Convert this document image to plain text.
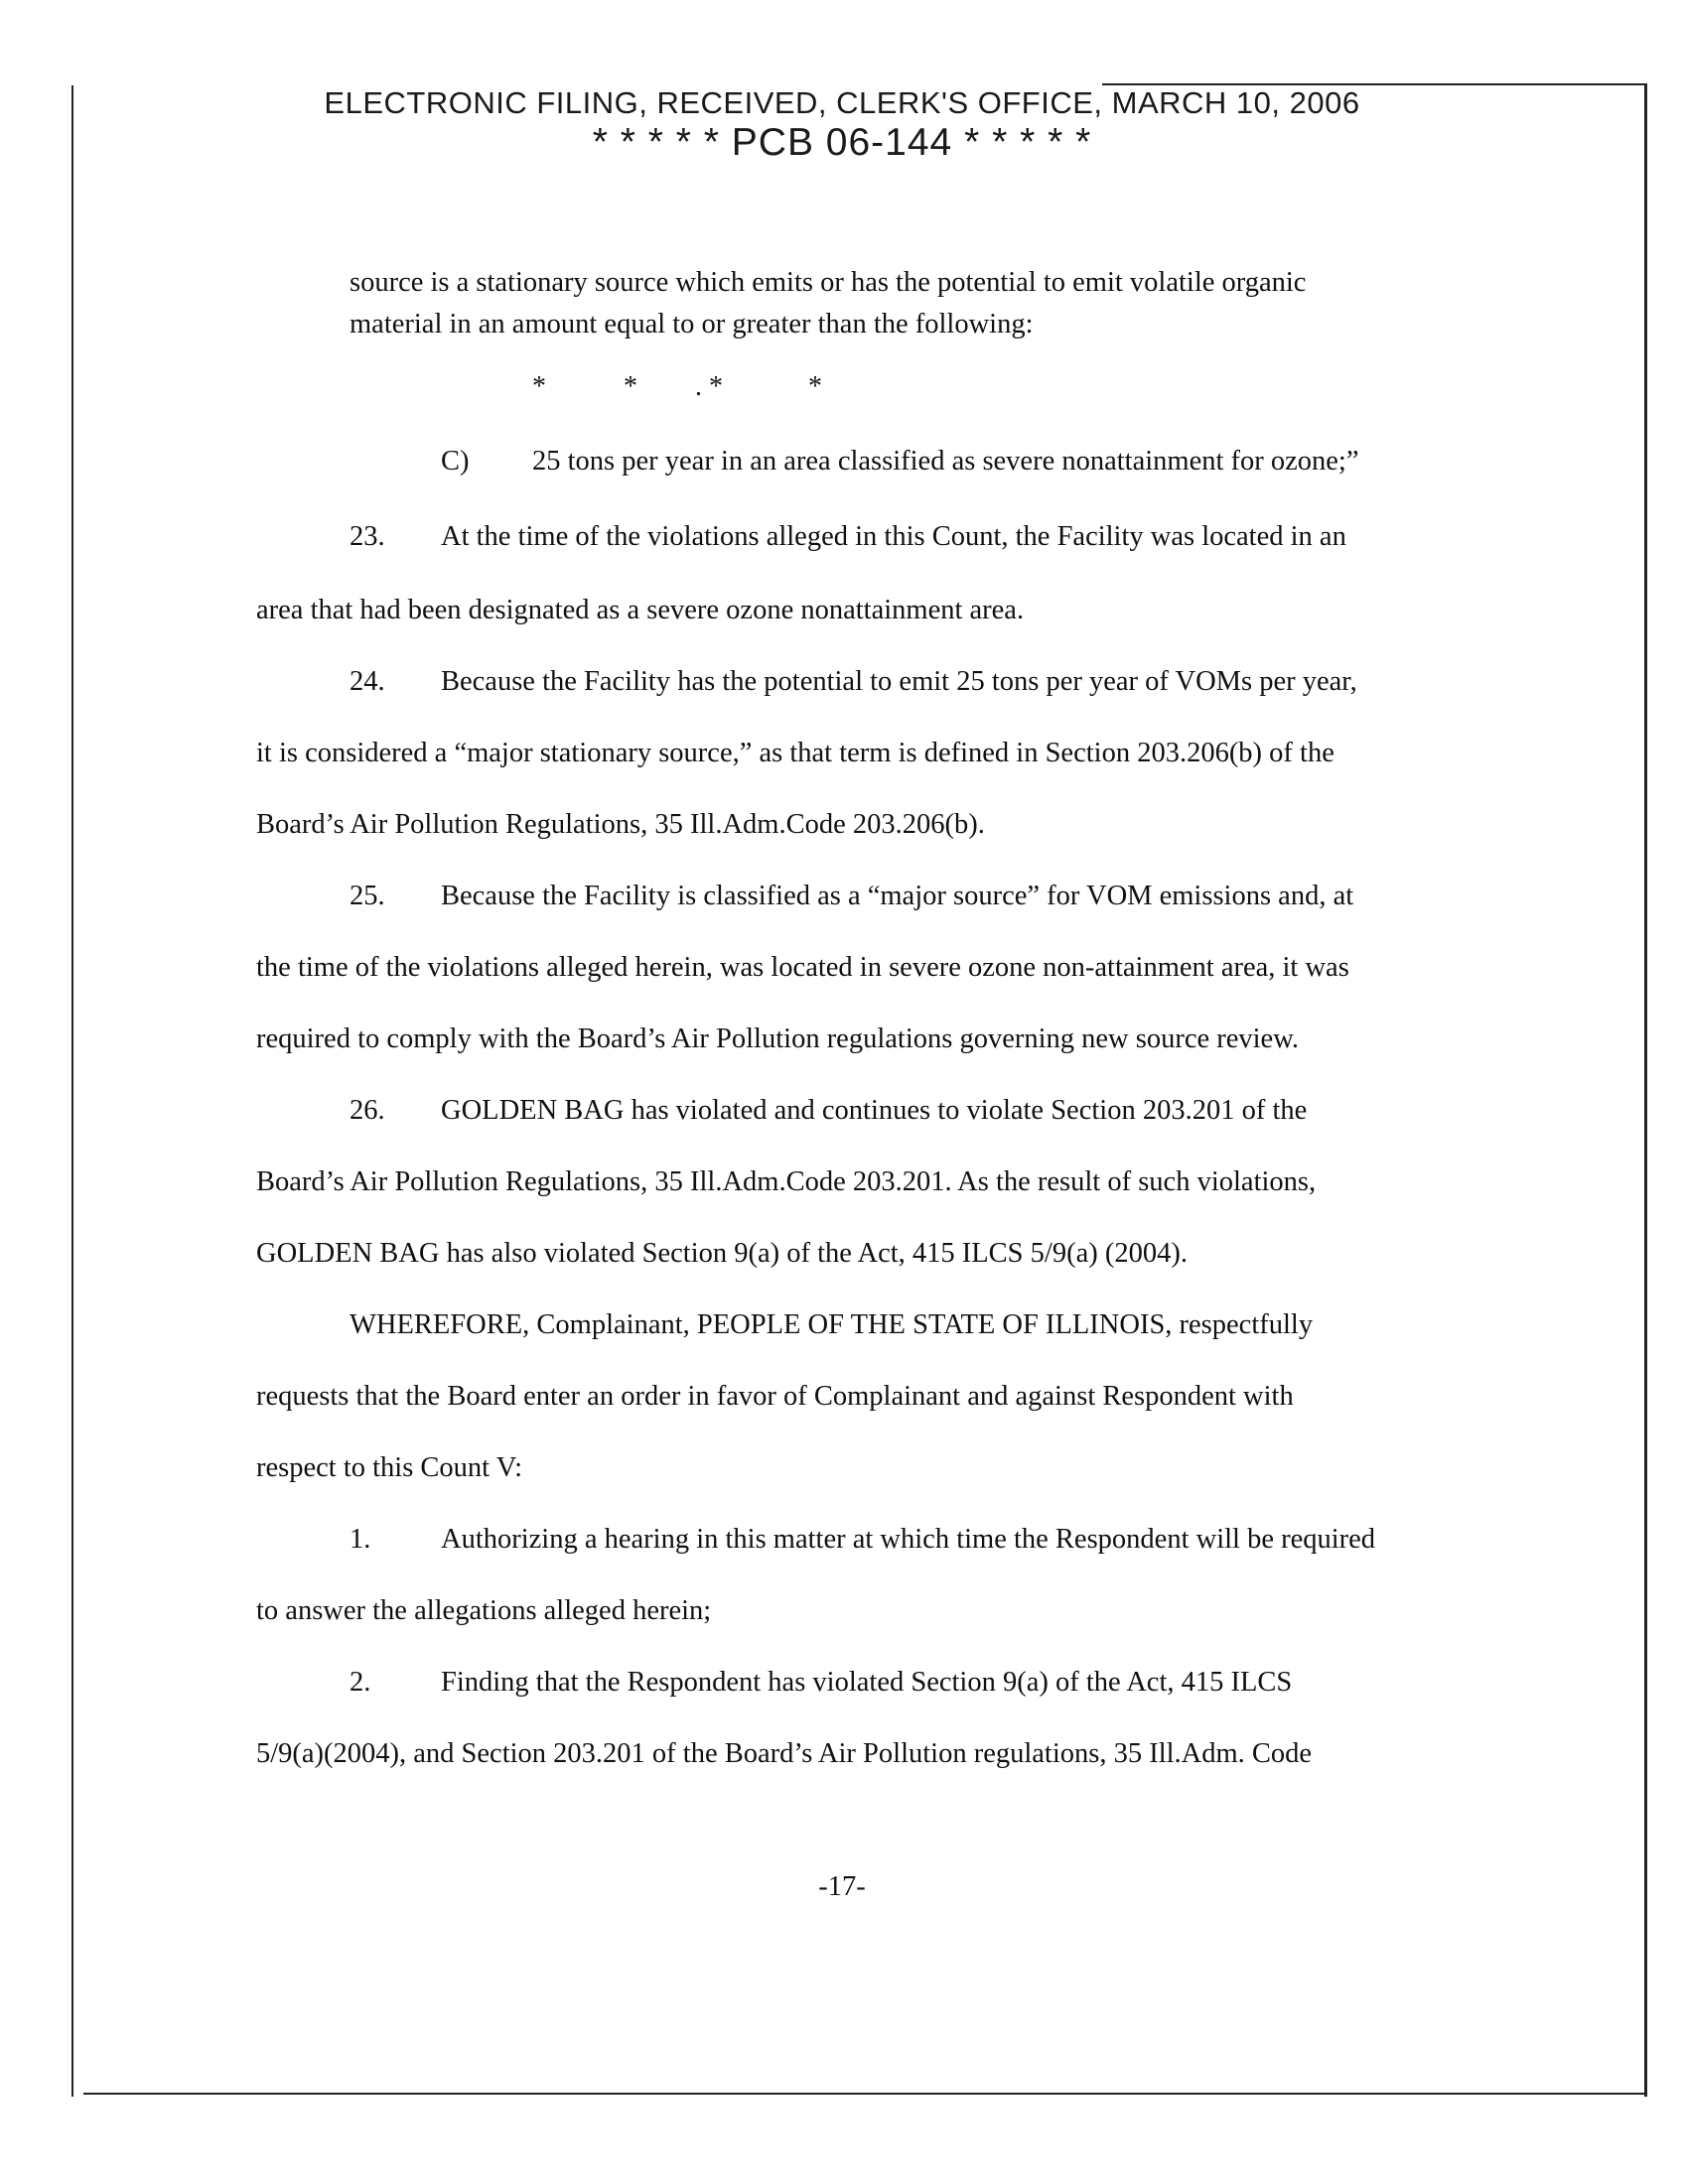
ELECTRONIC FILING, RECEIVED, CLERK'S OFFICE, MARCH 10, 2006
* * * * * PCB 06-144 * * * * *
source is a stationary source which emits or has the potential to emit volatile organic
material in an amount equal to or greater than the following:
*	* . *	*
C) 25 tons per year in an area classified as severe nonattainment for ozone;”
23. At the time of the violations alleged in this Count, the Facility was located in an
area that had been designated as a severe ozone nonattainment area.
24. Because the Facility has the potential to emit 25 tons per year of VOMs per year,
it is considered a “major stationary source,” as that term is defined in Section 203.206(b) of the
Board’s Air Pollution Regulations, 35 Ill.Adm.Code 203.206(b).
25. Because the Facility is classified as a “major source” for VOM emissions and, at
the time of the violations alleged herein, was located in severe ozone non-attainment area, it was
required to comply with the Board’s Air Pollution regulations governing new source review.
26. GOLDEN BAG has violated and continues to violate Section 203.201 of the
Board’s Air Pollution Regulations, 35 Ill.Adm.Code 203.201. As the result of such violations,
GOLDEN BAG has also violated Section 9(a) of the Act, 415 ILCS 5/9(a) (2004).
WHEREFORE, Complainant, PEOPLE OF THE STATE OF ILLINOIS, respectfully
requests that the Board enter an order in favor of Complainant and against Respondent with
respect to this Count V:
1. Authorizing a hearing in this matter at which time the Respondent will be required
to answer the allegations alleged herein;
2. Finding that the Respondent has violated Section 9(a) of the Act, 415 ILCS
5/9(a)(2004), and Section 203.201 of the Board’s Air Pollution regulations, 35 Ill.Adm. Code
-17-
